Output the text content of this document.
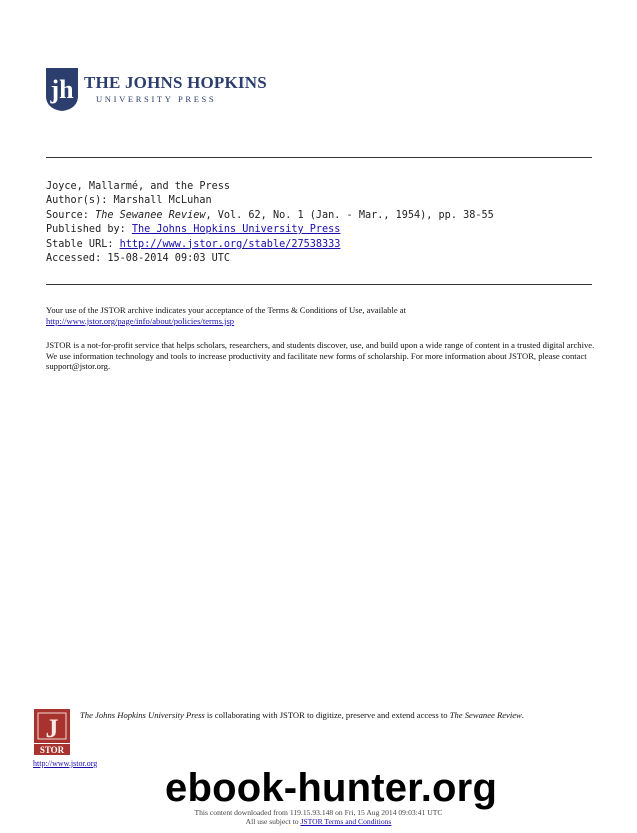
jh THE JOHNS HOPKINS
UNIVERSITY PRESS
Joyce, Mallarmé, and the Press
Author(s): Marshall McLuhan
Source: The Sewanee Review, Vol. 62, No. 1 (Jan. - Mar., 1954), pp. 38-55
Published by: The Johns Hopkins University Press
Stable URL: http://www.jstor.org/stable/27538333
Accessed: 15-08-2014 09:03 UTC
Your use of the JSTOR archive indicates your acceptance of the Terms & Conditions of Use, available at
http://www.jstor.org/page/info/about/policies/terms.jsp
JSTOR is a not-for-profit service that helps scholars, researchers, and students discover, use, and build upon a wide range of content in a trusted digital archive. We use information technology and tools to increase productivity and facilitate new forms of scholarship. For more information about JSTOR, please contact support@jstor.org.
J
STOR
The Johns Hopkins University Press is collaborating with JSTOR to digitize, preserve and extend access to The Sewanee Review.
http://www.jstor.org
ebook-hunter.org
This content downloaded from 119.15.93.148 on Fri, 15 Aug 2014 09:03:41 UTC
All use subject to JSTOR Terms and Conditions
